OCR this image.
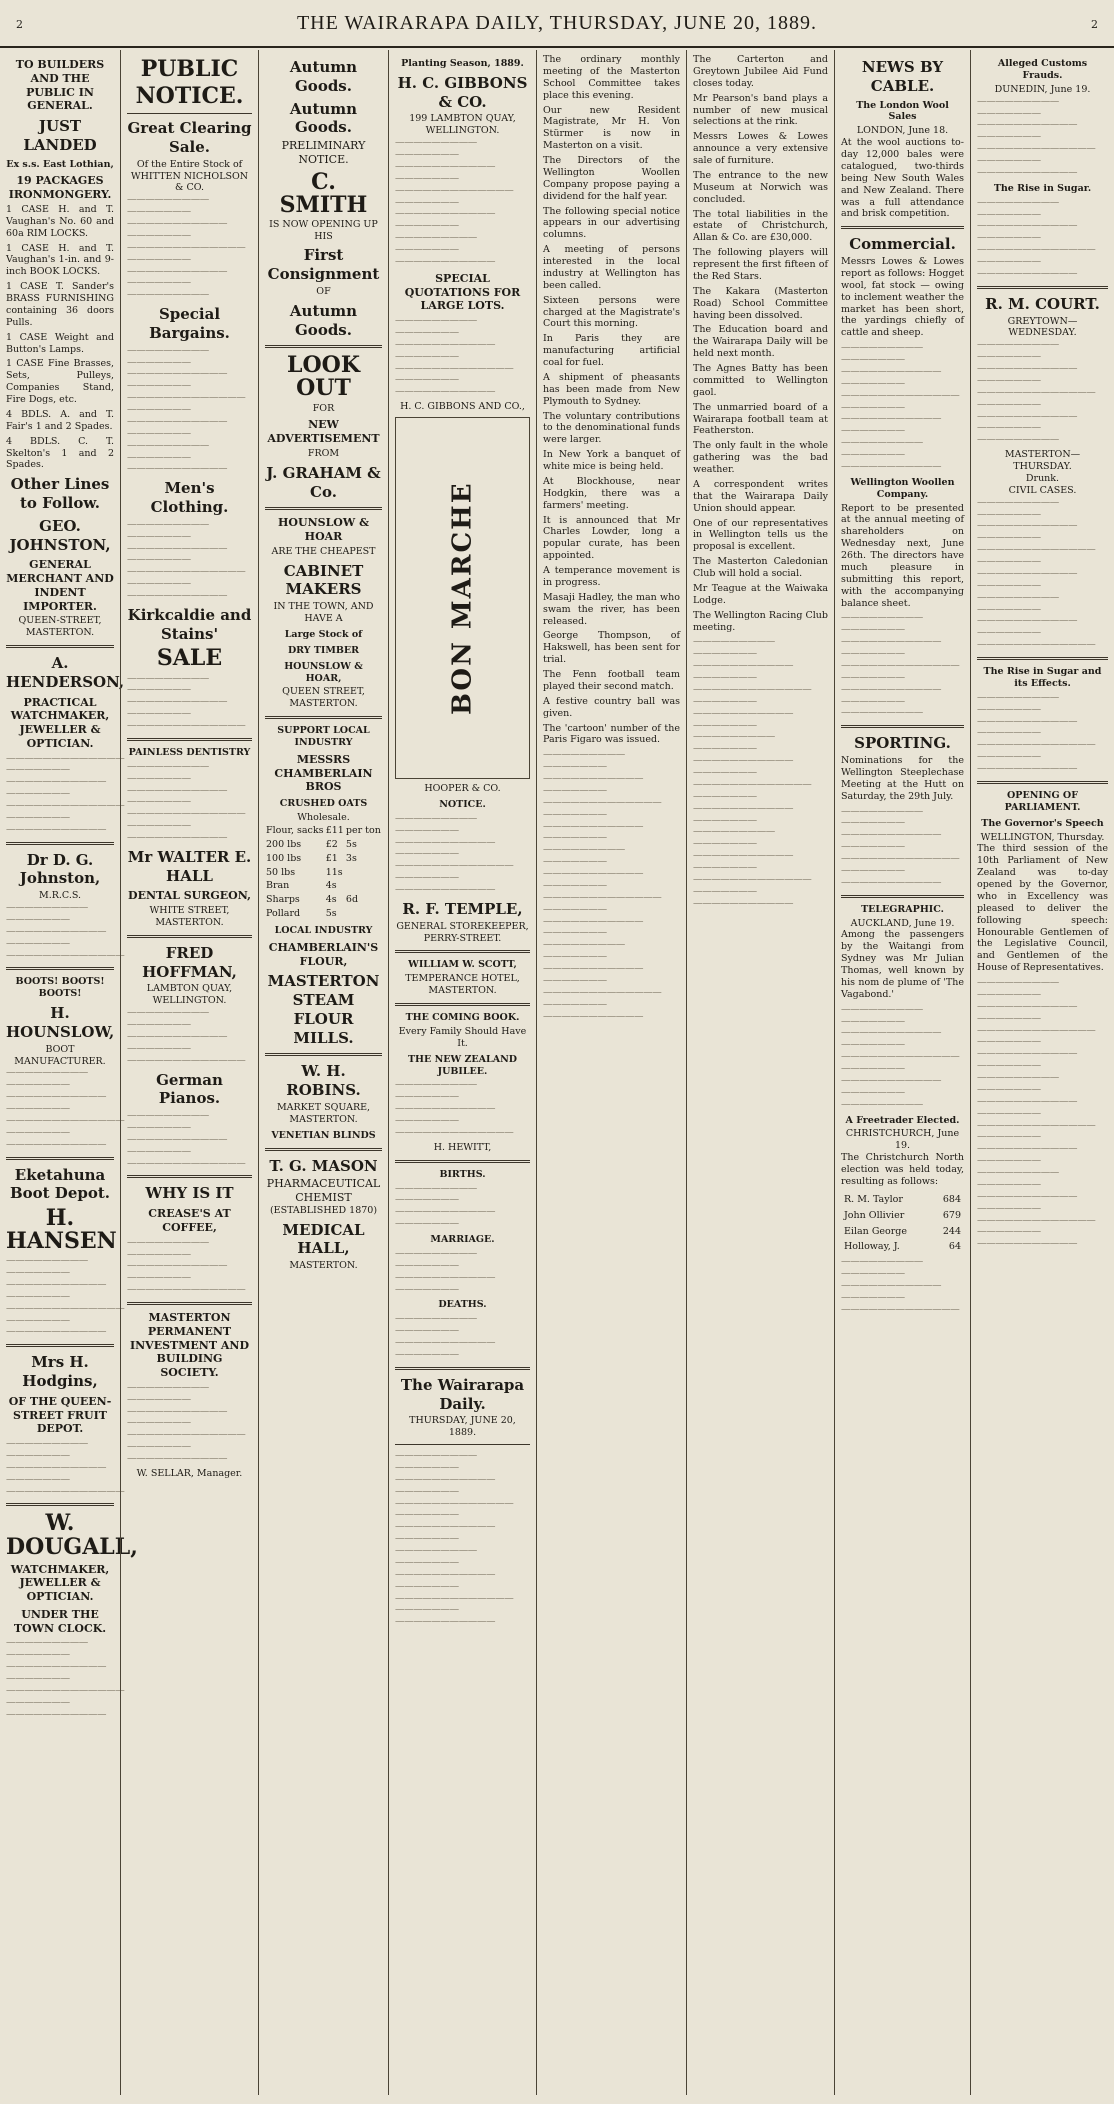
2	THE WAIRARAPA DAILY, THURSDAY, JUNE 20, 1889.	2
TO BUILDERS AND THE PUBLIC IN GENERAL.
JUST LANDED
Ex s.s. East Lothian,
19 PACKAGES IRONMONGERY.

1 CASE H. and T. Vaughan's No. 60 and 60a RIM LOCKS.

1 CASE H. and T. Vaughan's 1-in. and 9-inch BOOK LOCKS.

1 CASE T. Sander's BRASS FURNISHING containing 36 doors Pulls.

1 CASE Weight and Button's Lamps.

1 CASE Fine Brasses, Sets, Pulleys, Companies Stand, Fire Dogs, etc.

4 BDLS. A. and T. Fair's 1 and 2 Spades.

4 BDLS. C. T. Skelton's 1 and 2 Spades.

Other Lines to Follow.
GEO. JOHNSTON,
GENERAL MERCHANT AND INDENT IMPORTER.
QUEEN-STREET, MASTERTON.
A. HENDERSON,
PRACTICAL WATCHMAKER, JEWELLER & OPTICIAN.

————————————— ——————— ——————————— ——————— ————————————— ——————— ———————————

Dr D. G. Johnston,
M.R.C.S.

————————— ——————— ——————————— ——————— —————————————

BOOTS! BOOTS! BOOTS!
H. HOUNSLOW,
BOOT MANUFACTURER.

————————— ——————— ——————————— ——————— ————————————— ——————— ———————————

Eketahuna Boot Depot.
H. HANSEN

————————— ——————— ——————————— ——————— ————————————— ——————— ———————————

Mrs H. Hodgins,
OF THE QUEEN-STREET FRUIT DEPOT.

————————— ——————— ——————————— ——————— —————————————

W. DOUGALL,
WATCHMAKER, JEWELLER & OPTICIAN.
UNDER THE TOWN CLOCK.

————————— ——————— ——————————— ——————— ————————————— ——————— ———————————

PUBLIC
NOTICE.
Great Clearing Sale.
Of the Entire Stock of WHITTEN NICHOLSON & CO.

————————— ——————— ——————————— ——————— ————————————— ——————— ——————————— ——————— —————————

Special Bargains.

————————— ——————— ——————————— ——————— ————————————— ——————— ——————————— ——————— ————————— ——————— ———————————

Men's Clothing.

————————— ——————— ——————————— ——————— ————————————— ——————— ———————————

Kirkcaldie and Stains'
SALE

————————— ——————— ——————————— ——————— —————————————

PAINLESS DENTISTRY

————————— ——————— ——————————— ——————— ————————————— ——————— ———————————

Mr WALTER E. HALL
DENTAL SURGEON,
WHITE STREET, MASTERTON.
FRED HOFFMAN,
LAMBTON QUAY, WELLINGTON.

————————— ——————— ——————————— ——————— —————————————

German Pianos.

————————— ——————— ——————————— ——————— —————————————

WHY IS IT
CREASE'S AT COFFEE,

————————— ——————— ——————————— ——————— —————————————

MASTERTON PERMANENT INVESTMENT AND BUILDING SOCIETY.

————————— ——————— ——————————— ——————— ————————————— ——————— ———————————

W. SELLAR, Manager.
Autumn Goods.
Autumn Goods.
PRELIMINARY NOTICE.
C. SMITH
IS NOW OPENING UP HIS
First Consignment
OF
Autumn Goods.
LOOK OUT
FOR
NEW ADVERTISEMENT
FROM
J. GRAHAM & Co.
HOUNSLOW & HOAR
ARE THE CHEAPEST
CABINET MAKERS
IN THE TOWN, AND HAVE A
Large Stock of
DRY TIMBER
HOUNSLOW & HOAR,
QUEEN STREET, MASTERTON.
SUPPORT LOCAL INDUSTRY
MESSRS CHAMBERLAIN BROS
CRUSHED OATS
Wholesale.
Flour, sacks	£11	per ton
200 lbs	£2	5s
100 lbs	£1	3s
50 lbs	11s	
Bran	4s	
Sharps	4s	6d
Pollard	5s	
LOCAL INDUSTRY
CHAMBERLAIN'S FLOUR,
MASTERTON STEAM FLOUR MILLS.
W. H. ROBINS.
MARKET SQUARE, MASTERTON.
VENETIAN BLINDS
T. G. MASON
PHARMACEUTICAL CHEMIST
(ESTABLISHED 1870)
MEDICAL HALL,
MASTERTON.
Planting Season, 1889.
H. C. GIBBONS & CO.
199 LAMBTON QUAY, WELLINGTON.

————————— ——————— ——————————— ——————— ————————————— ——————— ——————————— ——————— ————————— ——————— ———————————

SPECIAL QUOTATIONS FOR LARGE LOTS.

————————— ——————— ——————————— ——————— ————————————— ——————— ———————————

H. C. GIBBONS AND CO.,
BON MARCHE
HOOPER & CO.
NOTICE.

————————— ——————— ——————————— ——————— ————————————— ——————— ———————————

R. F. TEMPLE,
GENERAL STOREKEEPER,
PERRY-STREET.
WILLIAM W. SCOTT,
TEMPERANCE HOTEL,
MASTERTON.
THE COMING BOOK.
Every Family Should Have It.
THE NEW ZEALAND JUBILEE.

————————— ——————— ——————————— ——————— —————————————

H. HEWITT,
BIRTHS.

————————— ——————— ——————————— ———————

MARRIAGE.

————————— ——————— ——————————— ———————

DEATHS.

————————— ——————— ——————————— ———————

The Wairarapa Daily.
THURSDAY, JUNE 20, 1889.

————————— ——————— ——————————— ——————— ————————————— ——————— ——————————— ——————— ————————— ——————— ——————————— ——————— ————————————— ——————— ———————————

The ordinary monthly meeting of the Masterton School Committee takes place this evening.

Our new Resident Magistrate, Mr H. Von Stürmer is now in Masterton on a visit.

The Directors of the Wellington Woollen Company propose paying a dividend for the half year.

The following special notice appears in our advertising columns.

A meeting of persons interested in the local industry at Wellington has been called.

Sixteen persons were charged at the Magistrate's Court this morning.

In Paris they are manufacturing artificial coal for fuel.

A shipment of pheasants has been made from New Plymouth to Sydney.

The voluntary contributions to the denominational funds were larger.

In New York a banquet of white mice is being held.

At Blockhouse, near Hodgkin, there was a farmers' meeting.

It is announced that Mr Charles Lowder, long a popular curate, has been appointed.

A temperance movement is in progress.

Masaji Hadley, the man who swam the river, has been released.

George Thompson, of Hakswell, has been sent for trial.

The Fenn football team played their second match.

A festive country ball was given.

The 'cartoon' number of the Paris Figaro was issued.

————————— ——————— ——————————— ——————— ————————————— ——————— ——————————— ——————— ————————— ——————— ——————————— ——————— ————————————— ——————— ——————————— ——————— ————————— ——————— ——————————— ——————— ————————————— ——————— ———————————

The Carterton and Greytown Jubilee Aid Fund closes today.

Mr Pearson's band plays a number of new musical selections at the rink.

Messrs Lowes & Lowes announce a very extensive sale of furniture.

The entrance to the new Museum at Norwich was concluded.

The total liabilities in the estate of Christchurch, Allan & Co. are £30,000.

The following players will represent the first fifteen of the Red Stars.

The Kakara (Masterton Road) School Committee having been dissolved.

The Education board and the Wairarapa Daily will be held next month.

The Agnes Batty has been committed to Wellington gaol.

The unmarried board of a Wairarapa football team at Featherston.

The only fault in the whole gathering was the bad weather.

A correspondent writes that the Wairarapa Daily Union should appear.

One of our representatives in Wellington tells us the proposal is excellent.

The Masterton Caledonian Club will hold a social.

Mr Teague at the Waiwaka Lodge.

The Wellington Racing Club meeting.

————————— ——————— ——————————— ——————— ————————————— ——————— ——————————— ——————— ————————— ——————— ——————————— ——————— ————————————— ——————— ——————————— ——————— ————————— ——————— ——————————— ——————— ————————————— ——————— ———————————

NEWS BY CABLE.
The London Wool Sales
LONDON, June 18.

At the wool auctions to-day 12,000 bales were catalogued, two-thirds being New South Wales and New Zealand. There was a full attendance and brisk competition.

Commercial.

Messrs Lowes & Lowes report as follows: Hogget wool, fat stock — owing to inclement weather the market has been short, the yardings chiefly of cattle and sheep.

————————— ——————— ——————————— ——————— ————————————— ——————— ——————————— ——————— ————————— ——————— ———————————

Wellington Woollen Company.

Report to be presented at the annual meeting of shareholders on Wednesday next, June 26th. The directors have much pleasure in submitting this report, with the accompanying balance sheet.

————————— ——————— ——————————— ——————— ————————————— ——————— ——————————— ——————— —————————

SPORTING.

Nominations for the Wellington Steeplechase Meeting at the Hutt on Saturday, the 29th July.

————————— ——————— ——————————— ——————— ————————————— ——————— ———————————

TELEGRAPHIC.
AUCKLAND, June 19.

Among the passengers by the Waitangi from Sydney was Mr Julian Thomas, well known by his nom de plume of 'The Vagabond.'

————————— ——————— ——————————— ——————— ————————————— ——————— ——————————— ——————— —————————

A Freetrader Elected.
CHRISTCHURCH, June 19.

The Christchurch North election was held today, resulting as follows:

R. M. Taylor	684
John Ollivier	679
Eilan George	244
Holloway, J.	64

————————— ——————— ——————————— ——————— —————————————

Alleged Customs Frauds.
DUNEDIN, June 19.

————————— ——————— ——————————— ——————— ————————————— ——————— ———————————

The Rise in Sugar.

————————— ——————— ——————————— ——————— ————————————— ——————— ———————————

R. M. COURT.
GREYTOWN—WEDNESDAY.

————————— ——————— ——————————— ——————— ————————————— ——————— ——————————— ——————— —————————

MASTERTON—THURSDAY.
Drunk.
CIVIL CASES.

————————— ——————— ——————————— ——————— ————————————— ——————— ——————————— ——————— ————————— ——————— ——————————— ——————— —————————————

The Rise in Sugar and its Effects.

————————— ——————— ——————————— ——————— ————————————— ——————— ———————————

OPENING OF PARLIAMENT.
The Governor's Speech
WELLINGTON, Thursday.

The third session of the 10th Parliament of New Zealand was to-day opened by the Governor, who in Excellency was pleased to deliver the following speech: Honourable Gentlemen of the Legislative Council, and Gentlemen of the House of Representatives.

————————— ——————— ——————————— ——————— ————————————— ——————— ——————————— ——————— ————————— ——————— ——————————— ——————— ————————————— ——————— ——————————— ——————— ————————— ——————— ——————————— ——————— ————————————— ——————— ———————————
